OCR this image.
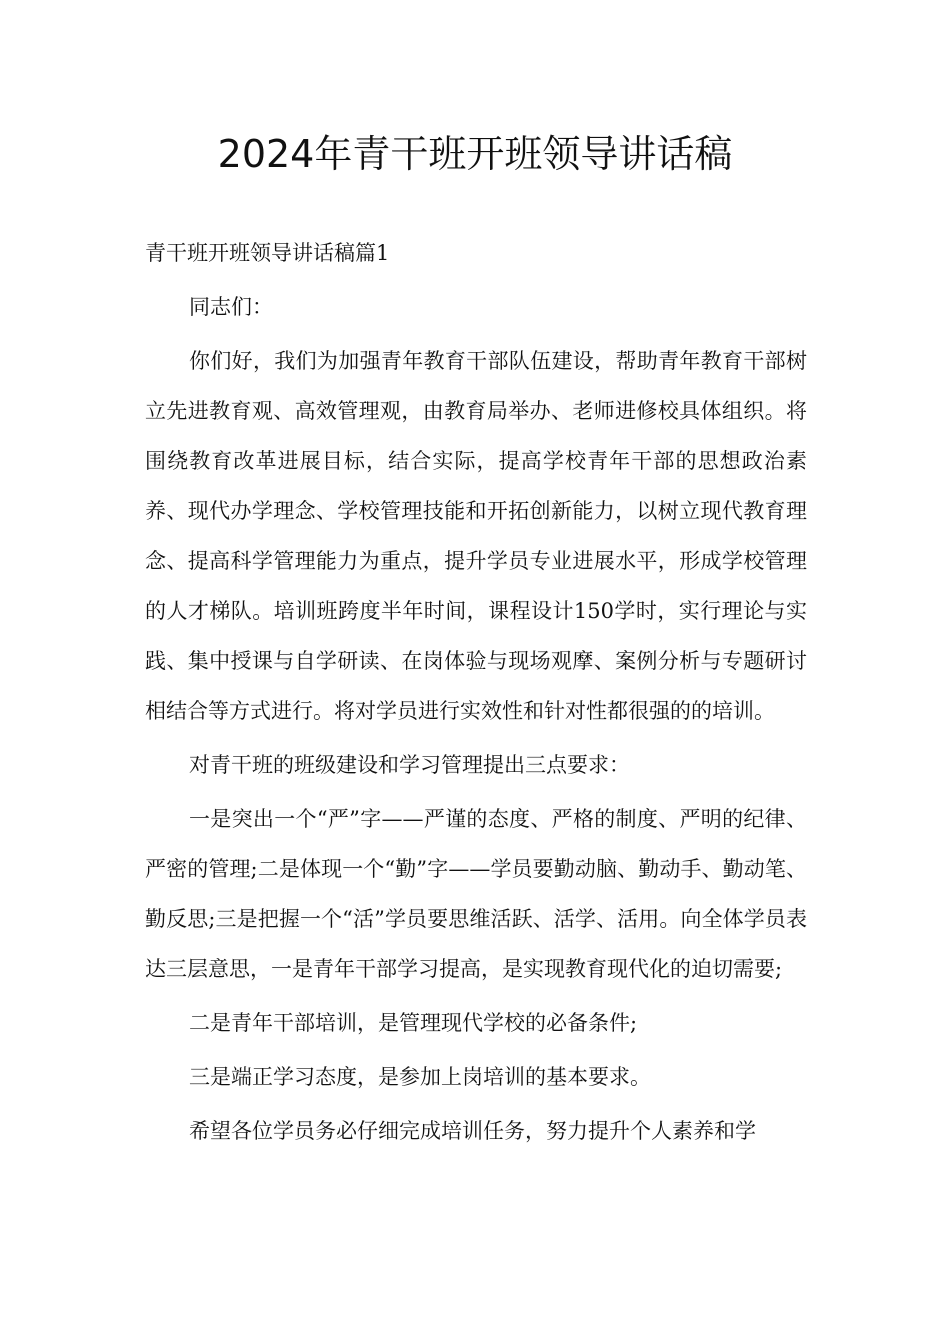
2024年青干班开班领导讲话稿

青干班开班领导讲话稿篇1

同志们：

你们好，我们为加强青年教育干部队伍建设，帮助青年教育干部树立先进教育观、高效管理观，由教育局举办、老师进修校具体组织。将围绕教育改革进展目标，结合实际，提高学校青年干部的思想政治素养、现代办学理念、学校管理技能和开拓创新能力，以树立现代教育理念、提高科学管理能力为重点，提升学员专业进展水平，形成学校管理的人才梯队。培训班跨度半年时间，课程设计150学时，实行理论与实践、集中授课与自学研读、在岗体验与现场观摩、案例分析与专题研讨相结合等方式进行。将对学员进行实效性和针对性都很强的的培训。

对青干班的班级建设和学习管理提出三点要求：

一是突出一个“严”字——严谨的态度、严格的制度、严明的纪律、严密的管理;二是体现一个“勤”字——学员要勤动脑、勤动手、勤动笔、勤反思;三是把握一个“活”学员要思维活跃、活学、活用。向全体学员表达三层意思，一是青年干部学习提高，是实现教育现代化的迫切需要;

二是青年干部培训，是管理现代学校的必备条件;

三是端正学习态度，是参加上岗培训的基本要求。

希望各位学员务必仔细完成培训任务，努力提升个人素养和学
